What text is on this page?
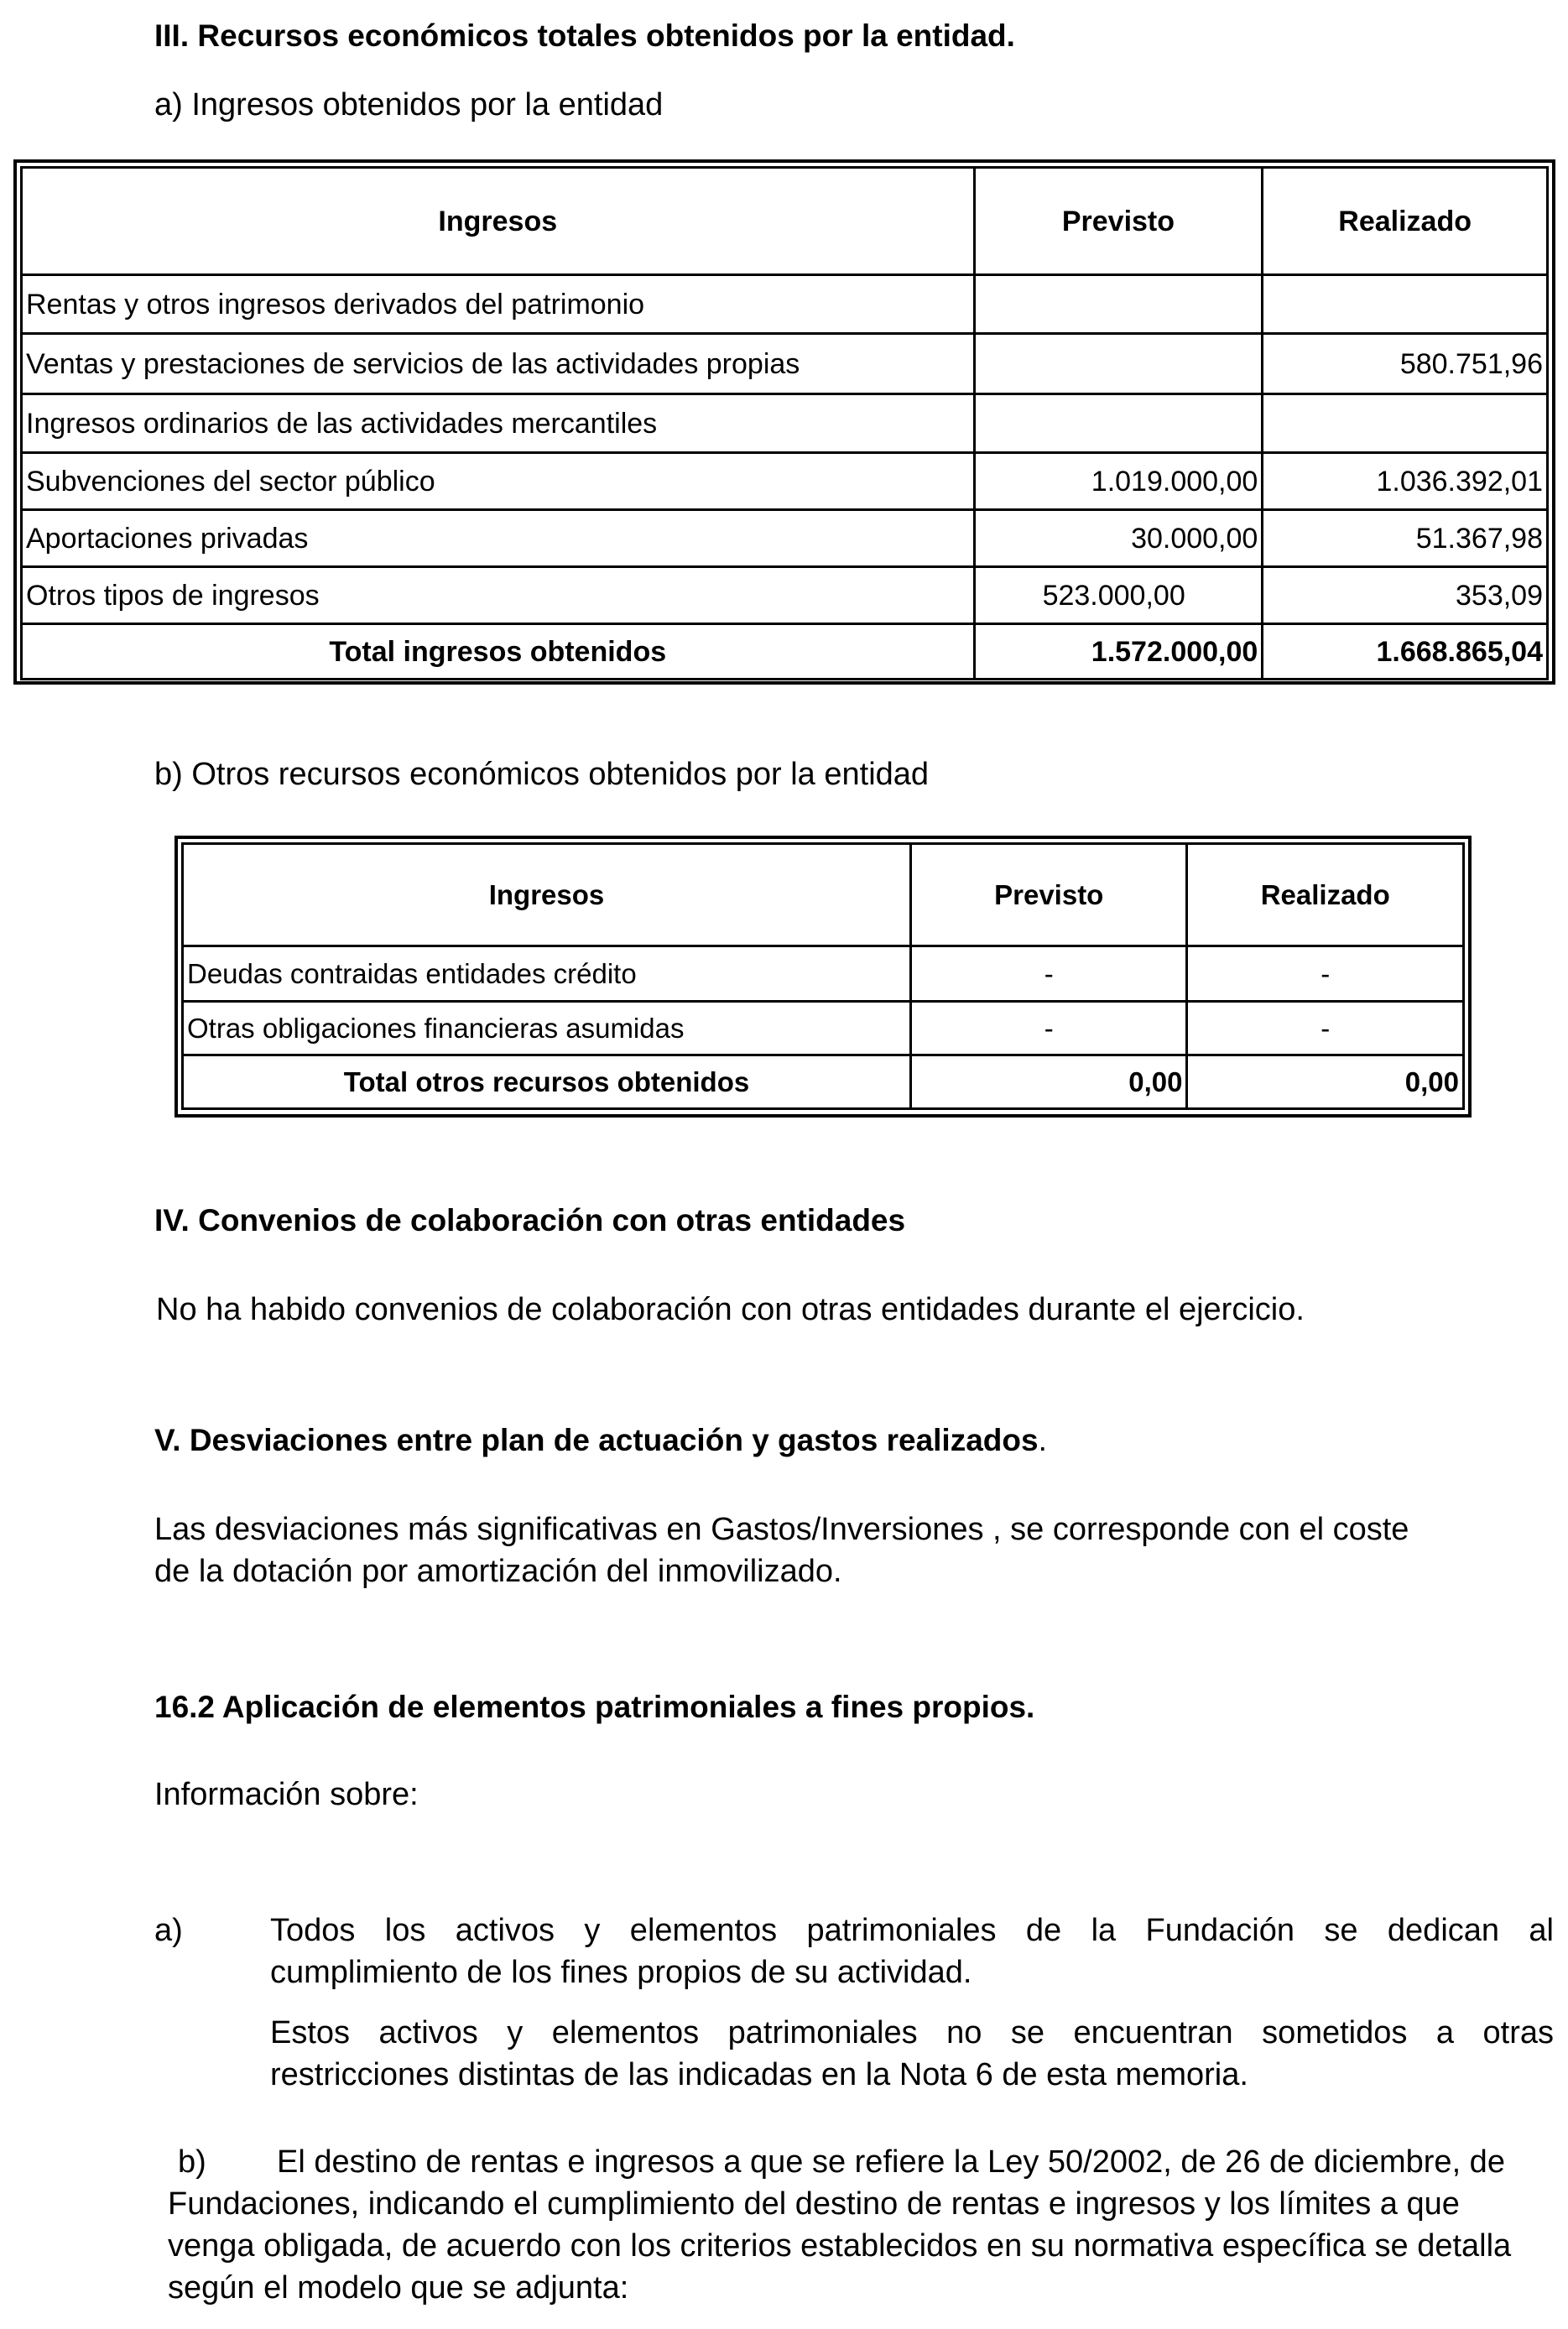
III. Recursos económicos totales obtenidos por la entidad.
a) Ingresos obtenidos por la entidad
Ingresos	Previsto	Realizado
Rentas y otros ingresos derivados del patrimonio		
Ventas y prestaciones de servicios de las actividades propias		580.751,96
Ingresos ordinarios de las actividades mercantiles		
Subvenciones del sector público	1.019.000,00	1.036.392,01
Aportaciones privadas	30.000,00	51.367,98
Otros tipos de ingresos	523.000,00	353,09
Total ingresos obtenidos	1.572.000,00	1.668.865,04
b) Otros recursos económicos obtenidos por la entidad
Ingresos	Previsto	Realizado
Deudas contraidas entidades crédito	-	-
Otras obligaciones financieras asumidas	-	-
Total otros recursos obtenidos	0,00	0,00
IV. Convenios de colaboración con otras entidades
No ha habido convenios de colaboración con otras entidades durante el ejercicio.
V. Desviaciones entre plan de actuación y gastos realizados.
Las desviaciones más significativas en Gastos/Inversiones , se corresponde con el coste
de la dotación por amortización del inmovilizado.
16.2 Aplicación de elementos patrimoniales a fines propios.
Información sobre:
a)	Todos los activos y elementos patrimoniales de la Fundación se dedican al
cumplimiento de los fines propios de su actividad.
Estos activos y elementos patrimoniales no se encuentran sometidos a otras
restricciones distintas de las indicadas en la Nota 6 de esta memoria.
b) El destino de rentas e ingresos a que se refiere la Ley 50/2002, de 26 de diciembre, de
Fundaciones, indicando el cumplimiento del destino de rentas e ingresos y los límites a que
venga obligada, de acuerdo con los criterios establecidos en su normativa específica se detalla
según el modelo que se adjunta:
